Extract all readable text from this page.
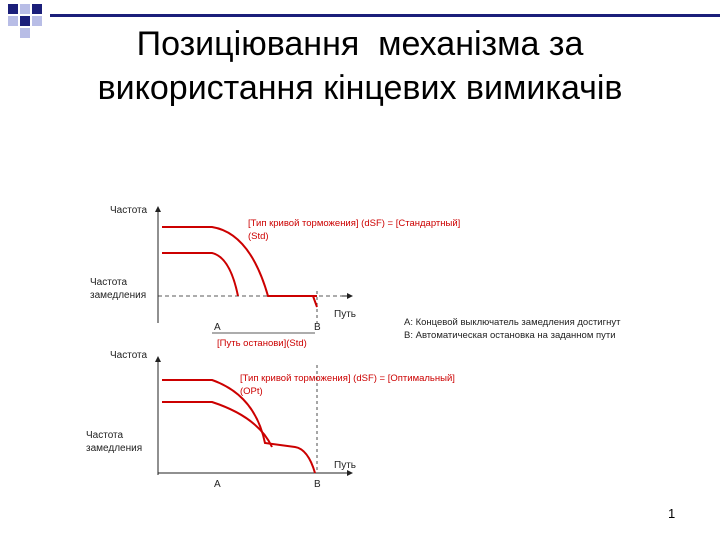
Позиціювання  механізма за
використання кінцевих вимикачів
Частота
Частота
замедления
Путь
A	B
[Тип кривой торможения] (dSF) = [Стандартный]
(Std)
[Путь останови](Std)
Частота
Частота
замедления
Путь
A	B
[Тип кривой торможения] (dSF) = [Оптимальный]
(OPt)
A: Концевой выключатель замедления достигнут
B: Автоматическая остановка на заданном пути
1
